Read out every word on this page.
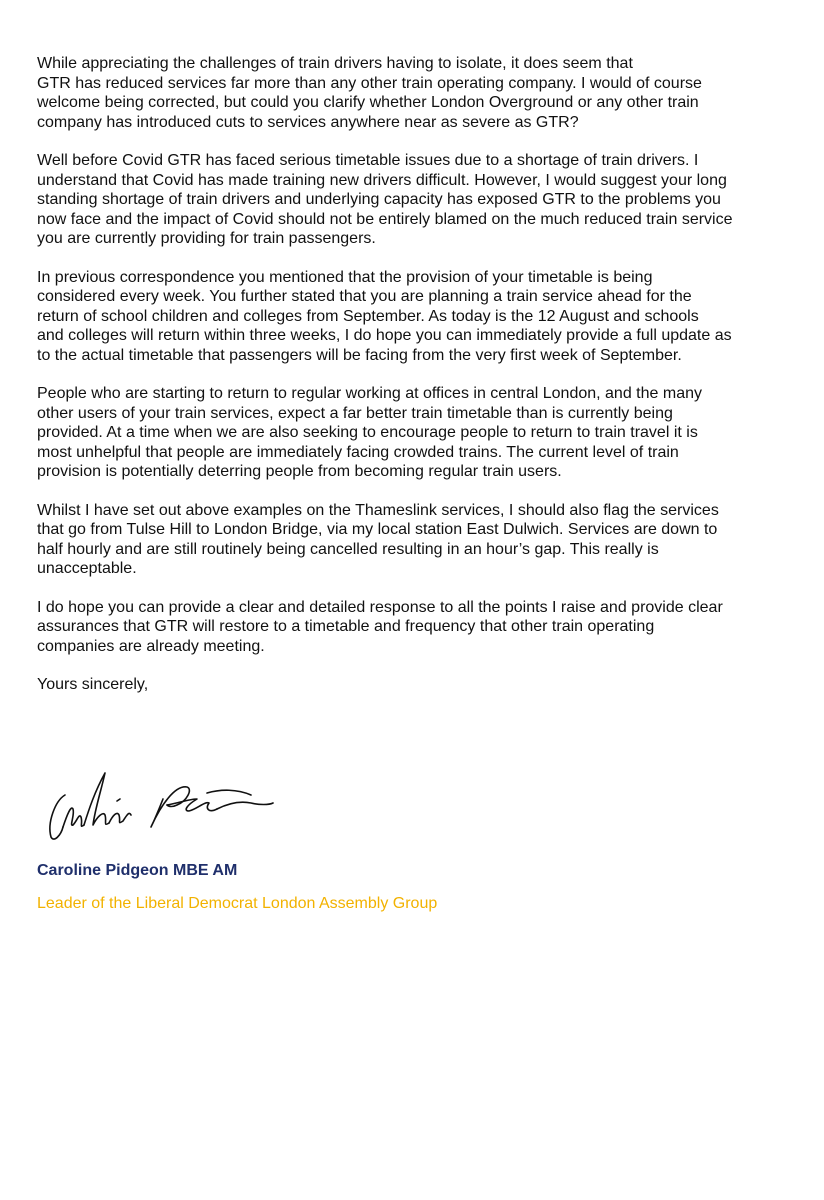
While appreciating the challenges of train drivers having to isolate, it does seem that
GTR has reduced services far more than any other train operating company. I would of course
welcome being corrected, but could you clarify whether London Overground or any other train
company has introduced cuts to services anywhere near as severe as GTR?

Well before Covid GTR has faced serious timetable issues due to a shortage of train drivers. I
understand that Covid has made training new drivers difficult. However, I would suggest your long
standing shortage of train drivers and underlying capacity has exposed GTR to the problems you
now face and the impact of Covid should not be entirely blamed on the much reduced train service
you are currently providing for train passengers.

In previous correspondence you mentioned that the provision of your timetable is being
considered every week. You further stated that you are planning a train service ahead for the
return of school children and colleges from September. As today is the 12 August and schools
and colleges will return within three weeks, I do hope you can immediately provide a full update as
to the actual timetable that passengers will be facing from the very first week of September.

People who are starting to return to regular working at offices in central London, and the many
other users of your train services, expect a far better train timetable than is currently being
provided. At a time when we are also seeking to encourage people to return to train travel it is
most unhelpful that people are immediately facing crowded trains. The current level of train
provision is potentially deterring people from becoming regular train users.

Whilst I have set out above examples on the Thameslink services, I should also flag the services
that go from Tulse Hill to London Bridge, via my local station East Dulwich. Services are down to
half hourly and are still routinely being cancelled resulting in an hour’s gap. This really is
unacceptable.

I do hope you can provide a clear and detailed response to all the points I raise and provide clear
assurances that GTR will restore to a timetable and frequency that other train operating
companies are already meeting.

Yours sincerely,

Caroline Pidgeon MBE AM

Leader of the Liberal Democrat London Assembly Group
